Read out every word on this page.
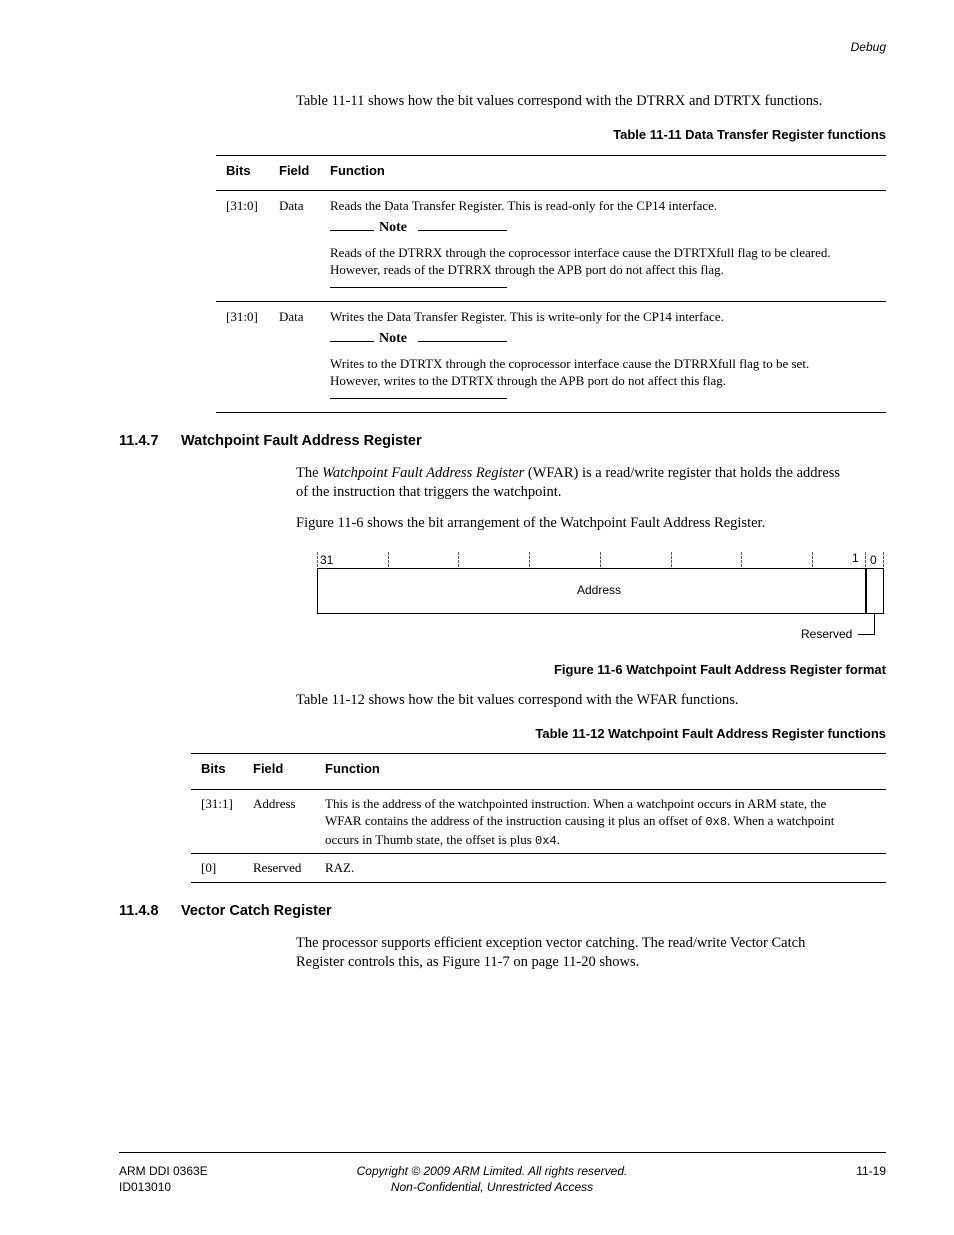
Debug
Table 11-11 shows how the bit values correspond with the DTRRX and DTRTX functions.
Table 11-11 Data Transfer Register functions
Bits Field Function
[31:0] Data Reads the Data Transfer Register. This is read-only for the CP14 interface.
Note
Reads of the DTRRX through the coprocessor interface cause the DTRTXfull flag to be cleared.
However, reads of the DTRRX through the APB port do not affect this flag.
[31:0] Data Writes the Data Transfer Register. This is write-only for the CP14 interface.
Note
Writes to the DTRTX through the coprocessor interface cause the DTRRXfull flag to be set.
However, writes to the DTRTX through the APB port do not affect this flag.
11.4.7 Watchpoint Fault Address Register
The Watchpoint Fault Address Register (WFAR) is a read/write register that holds the address
of the instruction that triggers the watchpoint.
Figure 11-6 shows the bit arrangement of the Watchpoint Fault Address Register.
31	1 0
Address
Reserved
Figure 11-6 Watchpoint Fault Address Register format
Table 11-12 shows how the bit values correspond with the WFAR functions.
Table 11-12 Watchpoint Fault Address Register functions
Bits Field	Function
[31:1] Address This is the address of the watchpointed instruction. When a watchpoint occurs in ARM state, the
WFAR contains the address of the instruction causing it plus an offset of 0x8. When a watchpoint
occurs in Thumb state, the offset is plus 0x4.
[0]	Reserved RAZ.
11.4.8 Vector Catch Register
The processor supports efficient exception vector catching. The read/write Vector Catch
Register controls this, as Figure 11-7 on page 11-20 shows.
ARM DDI 0363E
ID013010
Copyright © 2009 ARM Limited. All rights reserved.
Non-Confidential, Unrestricted Access
11-19
